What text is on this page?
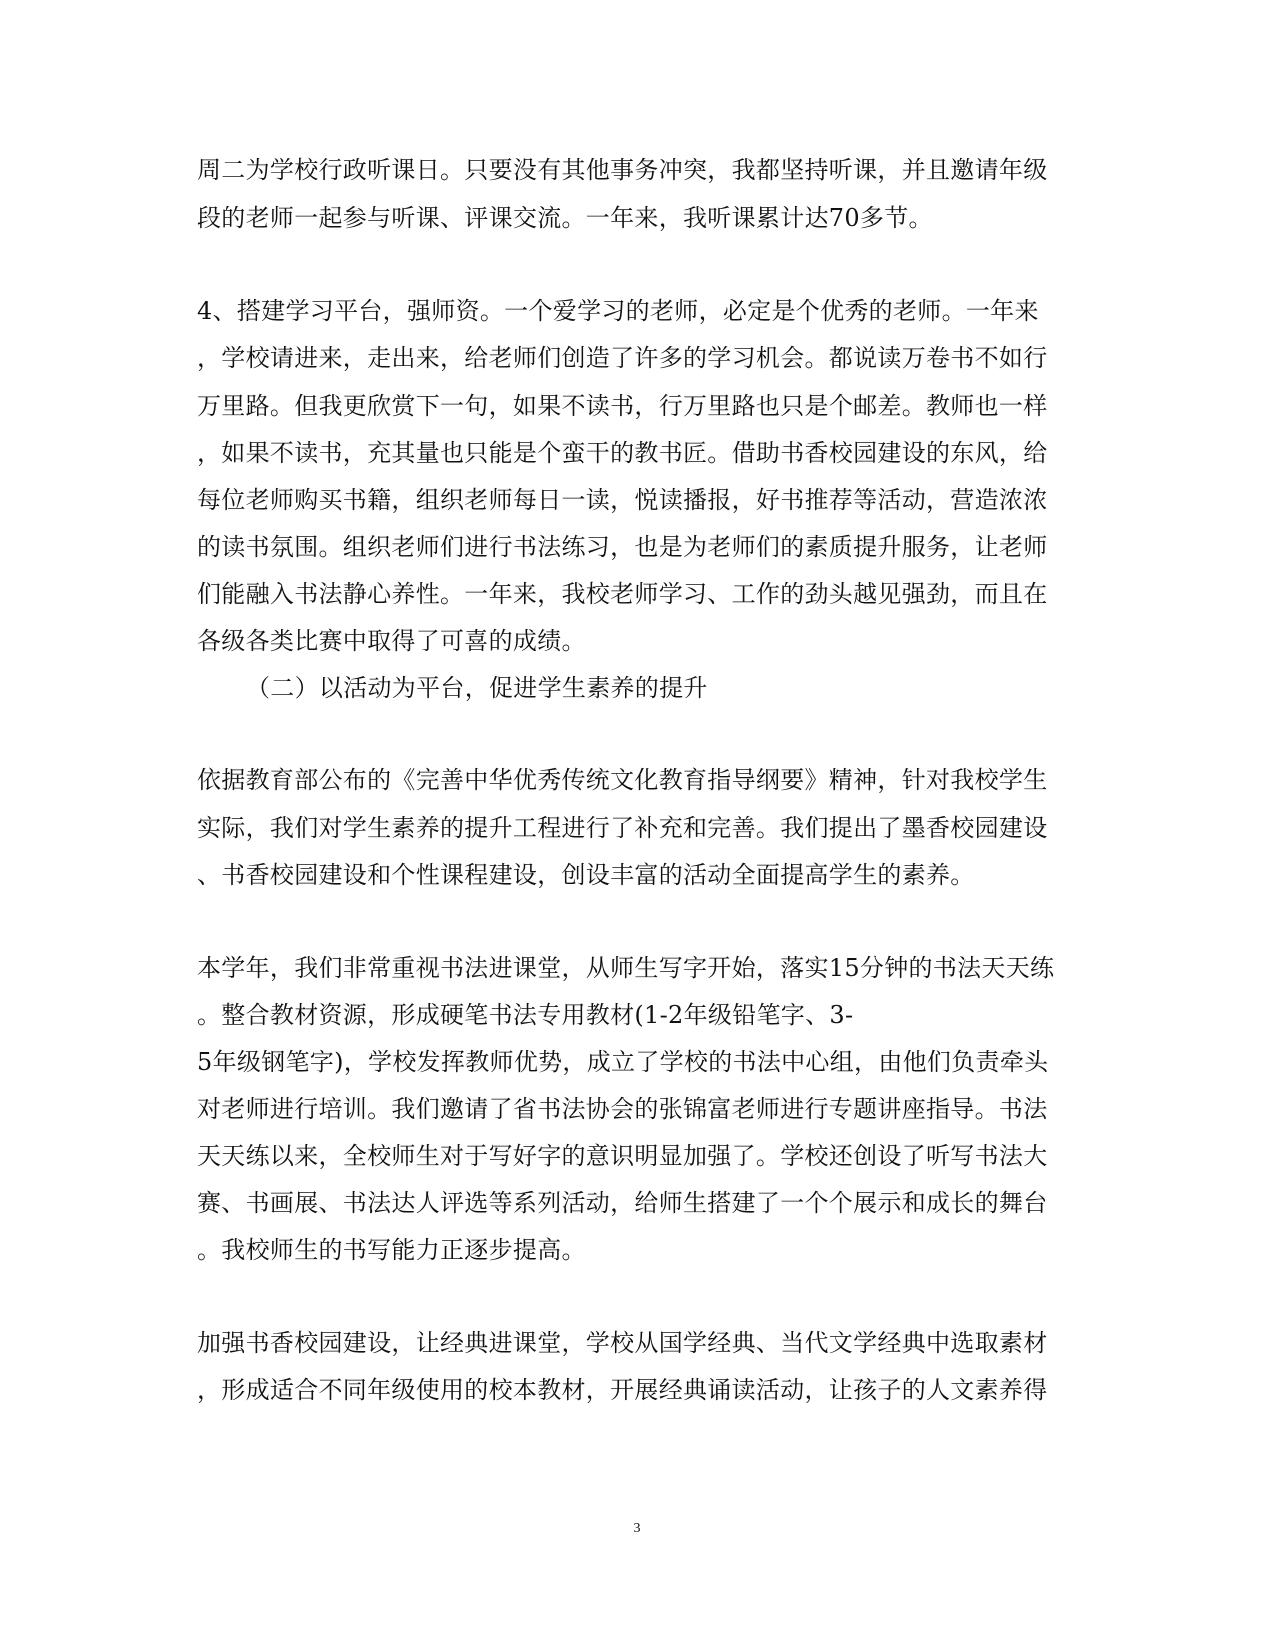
周二为学校行政听课日。只要没有其他事务冲突，我都坚持听课，并且邀请年级
段的老师一起参与听课、评课交流。一年来，我听课累计达70多节。
4、搭建学习平台，强师资。一个爱学习的老师，必定是个优秀的老师。一年来
，学校请进来，走出来，给老师们创造了许多的学习机会。都说读万卷书不如行
万里路。但我更欣赏下一句，如果不读书，行万里路也只是个邮差。教师也一样
，如果不读书，充其量也只能是个蛮干的教书匠。借助书香校园建设的东风，给
每位老师购买书籍，组织老师每日一读，悦读播报，好书推荐等活动，营造浓浓
的读书氛围。组织老师们进行书法练习，也是为老师们的素质提升服务，让老师
们能融入书法静心养性。一年来，我校老师学习、工作的劲头越见强劲，而且在
各级各类比赛中取得了可喜的成绩。
（二）以活动为平台，促进学生素养的提升
依据教育部公布的《完善中华优秀传统文化教育指导纲要》精神，针对我校学生
实际，我们对学生素养的提升工程进行了补充和完善。我们提出了墨香校园建设
、书香校园建设和个性课程建设，创设丰富的活动全面提高学生的素养。
本学年，我们非常重视书法进课堂，从师生写字开始，落实15分钟的书法天天练
。整合教材资源，形成硬笔书法专用教材(1-2年级铅笔字、3-
5年级钢笔字)，学校发挥教师优势，成立了学校的书法中心组，由他们负责牵头
对老师进行培训。我们邀请了省书法协会的张锦富老师进行专题讲座指导。书法
天天练以来，全校师生对于写好字的意识明显加强了。学校还创设了听写书法大
赛、书画展、书法达人评选等系列活动，给师生搭建了一个个展示和成长的舞台
。我校师生的书写能力正逐步提高。
加强书香校园建设，让经典进课堂，学校从国学经典、当代文学经典中选取素材
，形成适合不同年级使用的校本教材，开展经典诵读活动，让孩子的人文素养得
3
